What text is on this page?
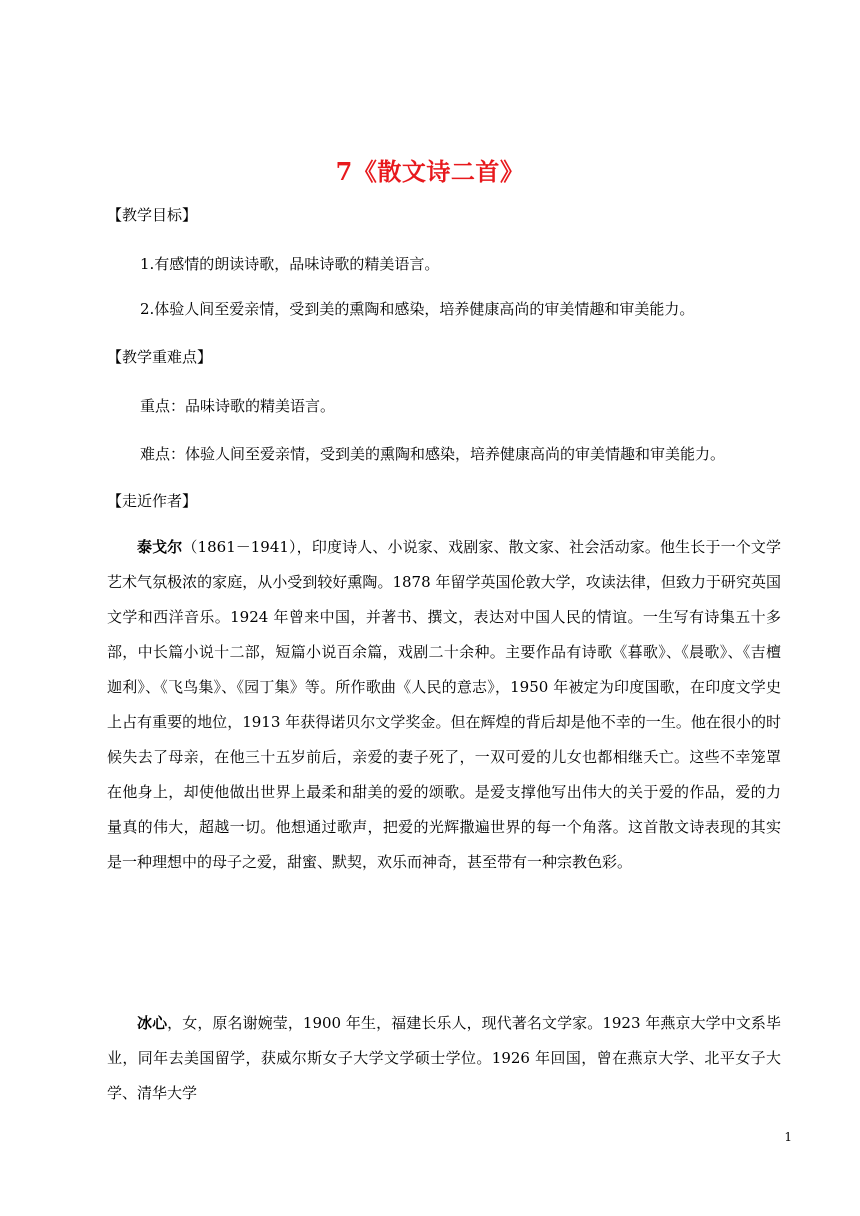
7《散文诗二首》
【教学目标】
1.有感情的朗读诗歌，品味诗歌的精美语言。
2.体验人间至爱亲情，受到美的熏陶和感染，培养健康高尚的审美情趣和审美能力。
【教学重难点】
重点：品味诗歌的精美语言。
难点：体验人间至爱亲情，受到美的熏陶和感染，培养健康高尚的审美情趣和审美能力。
【走近作者】
泰戈尔（1861－1941），印度诗人、小说家、戏剧家、散文家、社会活动家。他生长于一个文学艺术气氛极浓的家庭，从小受到较好熏陶。1878 年留学英国伦敦大学，攻读法律，但致力于研究英国文学和西洋音乐。1924 年曾来中国，并著书、撰文，表达对中国人民的情谊。一生写有诗集五十多部，中长篇小说十二部，短篇小说百余篇，戏剧二十余种。主要作品有诗歌《暮歌》、《晨歌》、《吉檀迦利》、《飞鸟集》、《园丁集》等。所作歌曲《人民的意志》，1950 年被定为印度国歌，在印度文学史上占有重要的地位，1913 年获得诺贝尔文学奖金。但在辉煌的背后却是他不幸的一生。他在很小的时候失去了母亲，在他三十五岁前后，亲爱的妻子死了，一双可爱的儿女也都相继夭亡。这些不幸笼罩在他身上，却使他做出世界上最柔和甜美的爱的颂歌。是爱支撑他写出伟大的关于爱的作品，爱的力量真的伟大，超越一切。他想通过歌声，把爱的光辉撒遍世界的每一个角落。这首散文诗表现的其实是一种理想中的母子之爱，甜蜜、默契，欢乐而神奇，甚至带有一种宗教色彩。
冰心，女，原名谢婉莹，1900 年生，福建长乐人，现代著名文学家。1923 年燕京大学中文系毕业，同年去美国留学，获威尔斯女子大学文学硕士学位。1926 年回国，曾在燕京大学、北平女子大学、清华大学
1
